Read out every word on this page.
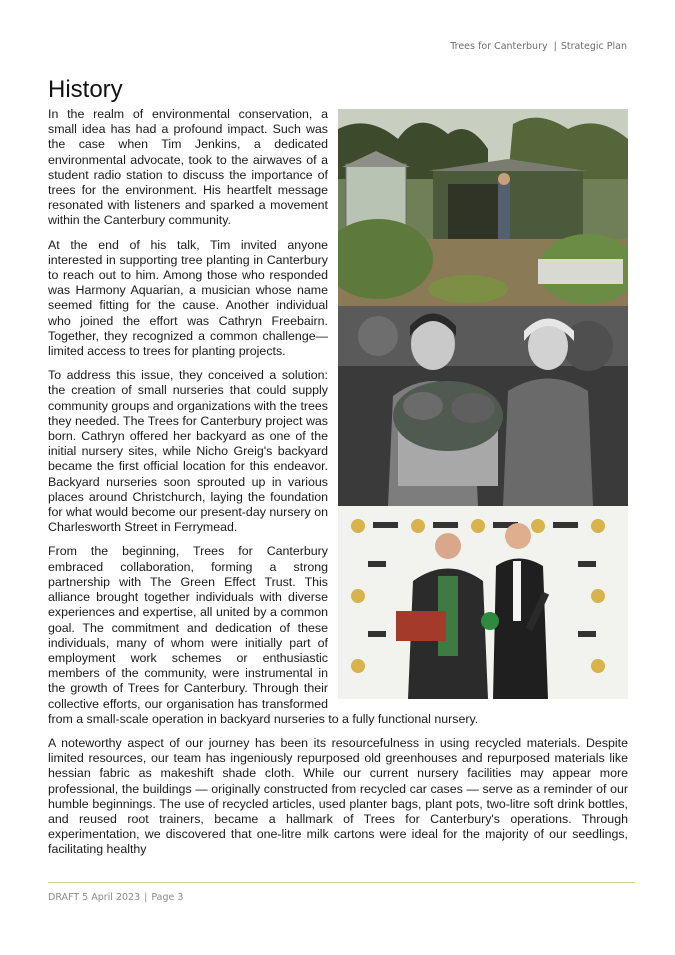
Trees for Canterbury | Strategic Plan
History

In the realm of environmental conservation, a small idea has had a profound impact. Such was the case when Tim Jenkins, a dedicated environmental advocate, took to the airwaves of a student radio station to discuss the importance of trees for the environment. His heartfelt message resonated with listeners and sparked a movement within the Canterbury community.

At the end of his talk, Tim invited anyone interested in supporting tree planting in Canterbury to reach out to him. Among those who responded was Harmony Aquarian, a musician whose name seemed fitting for the cause. Another individual who joined the effort was Cathryn Freebairn. Together, they recognized a common challenge—limited access to trees for planting projects.

To address this issue, they conceived a solution: the creation of small nurseries that could supply community groups and organizations with the trees they needed. The Trees for Canterbury project was born. Cathryn offered her backyard as one of the initial nursery sites, while Nicho Greig's backyard became the first official location for this endeavor. Backyard nurseries soon sprouted up in various places around Christchurch, laying the foundation for what would become our present-day nursery on Charlesworth Street in Ferrymead.

From the beginning, Trees for Canterbury embraced collaboration, forming a strong partnership with The Green Effect Trust. This alliance brought together individuals with diverse experiences and expertise, all united by a common goal. The commitment and dedication of these individuals, many of whom were initially part of employment work schemes or enthusiastic members of the community, were instrumental in the growth of Trees for Canterbury. Through their collective efforts, our organisation has transformed from a small-scale operation in backyard nurseries to a fully functional nursery.

A noteworthy aspect of our journey has been its resourcefulness in using recycled materials. Despite limited resources, our team has ingeniously repurposed old greenhouses and repurposed materials like hessian fabric as makeshift shade cloth. While our current nursery facilities may appear more professional, the buildings — originally constructed from recycled car cases — serve as a reminder of our humble beginnings. The use of recycled articles, used planter bags, plant pots, two-litre soft drink bottles, and reused root trainers, became a hallmark of Trees for Canterbury's operations. Through experimentation, we discovered that one-litre milk cartons were ideal for the majority of our seedlings, facilitating healthy

DRAFT 5 April 2023 | Page 3
